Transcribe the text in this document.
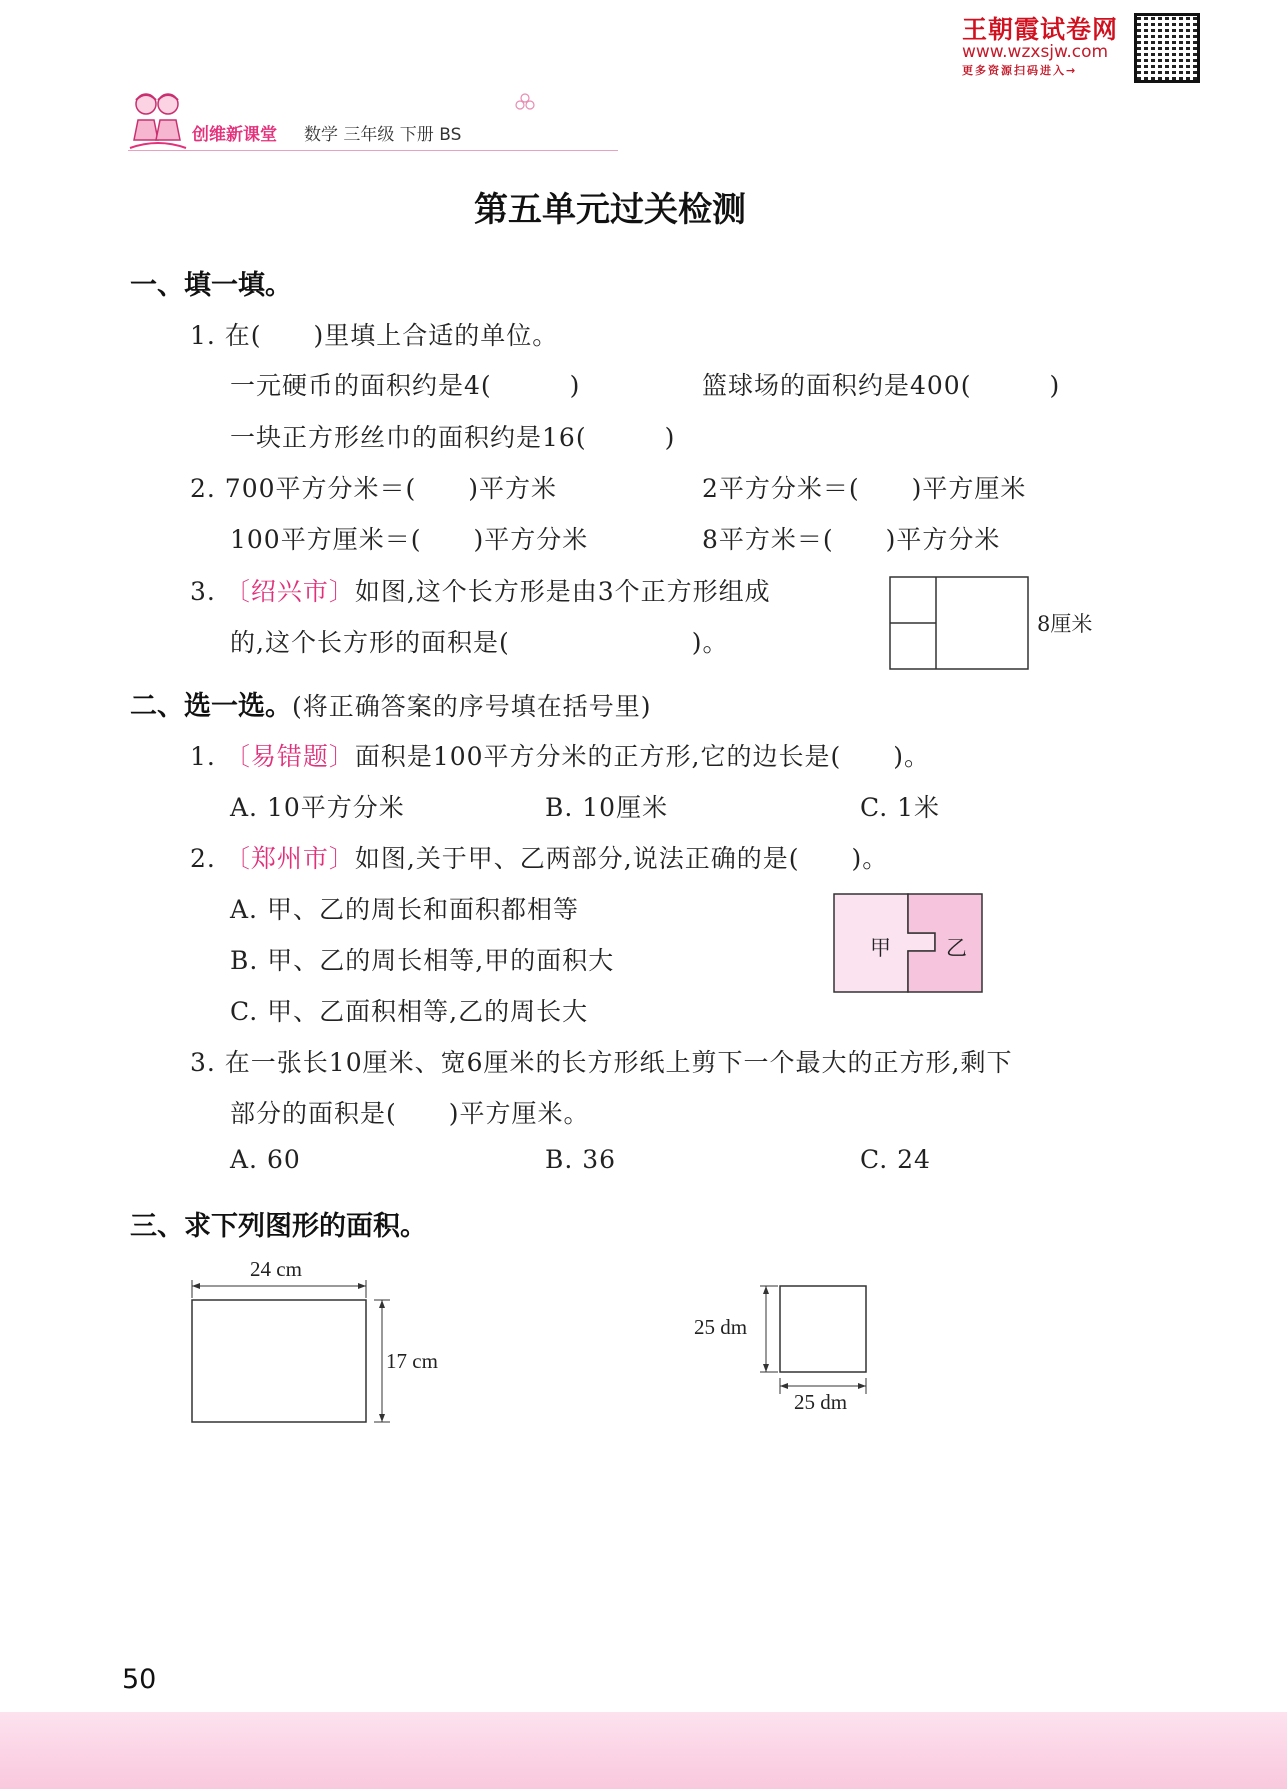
王朝霞试卷网
www.wzxsjw.com
更多资源扫码进入→
创维新课堂 数学 三年级 下册 BS
第五单元过关检测
一、填一填。
1. 在(　　)里填上合适的单位。
一元硬币的面积约是4(　　　)	篮球场的面积约是400(　　　)
一块正方形丝巾的面积约是16(　　　)
2. 700平方分米＝(　　)平方米	2平方分米＝(　　)平方厘米
100平方厘米＝(　　)平方分米	8平方米＝(　　)平方分米
3. 〔绍兴市〕如图,这个长方形是由3个正方形组成
的,这个长方形的面积是(　　　　　　　)。
8厘米
二、选一选。(将正确答案的序号填在括号里)
1. 〔易错题〕面积是100平方分米的正方形,它的边长是(　　)。
A. 10平方分米	B. 10厘米	C. 1米
2. 〔郑州市〕如图,关于甲、乙两部分,说法正确的是(　　)。
A. 甲、乙的周长和面积都相等
B. 甲、乙的周长相等,甲的面积大
C. 甲、乙面积相等,乙的周长大
甲	乙
3. 在一张长10厘米、宽6厘米的长方形纸上剪下一个最大的正方形,剩下
部分的面积是(　　)平方厘米。
A. 60	B. 36	C. 24
三、求下列图形的面积。
24 cm
17 cm
25 dm
25 dm
50
